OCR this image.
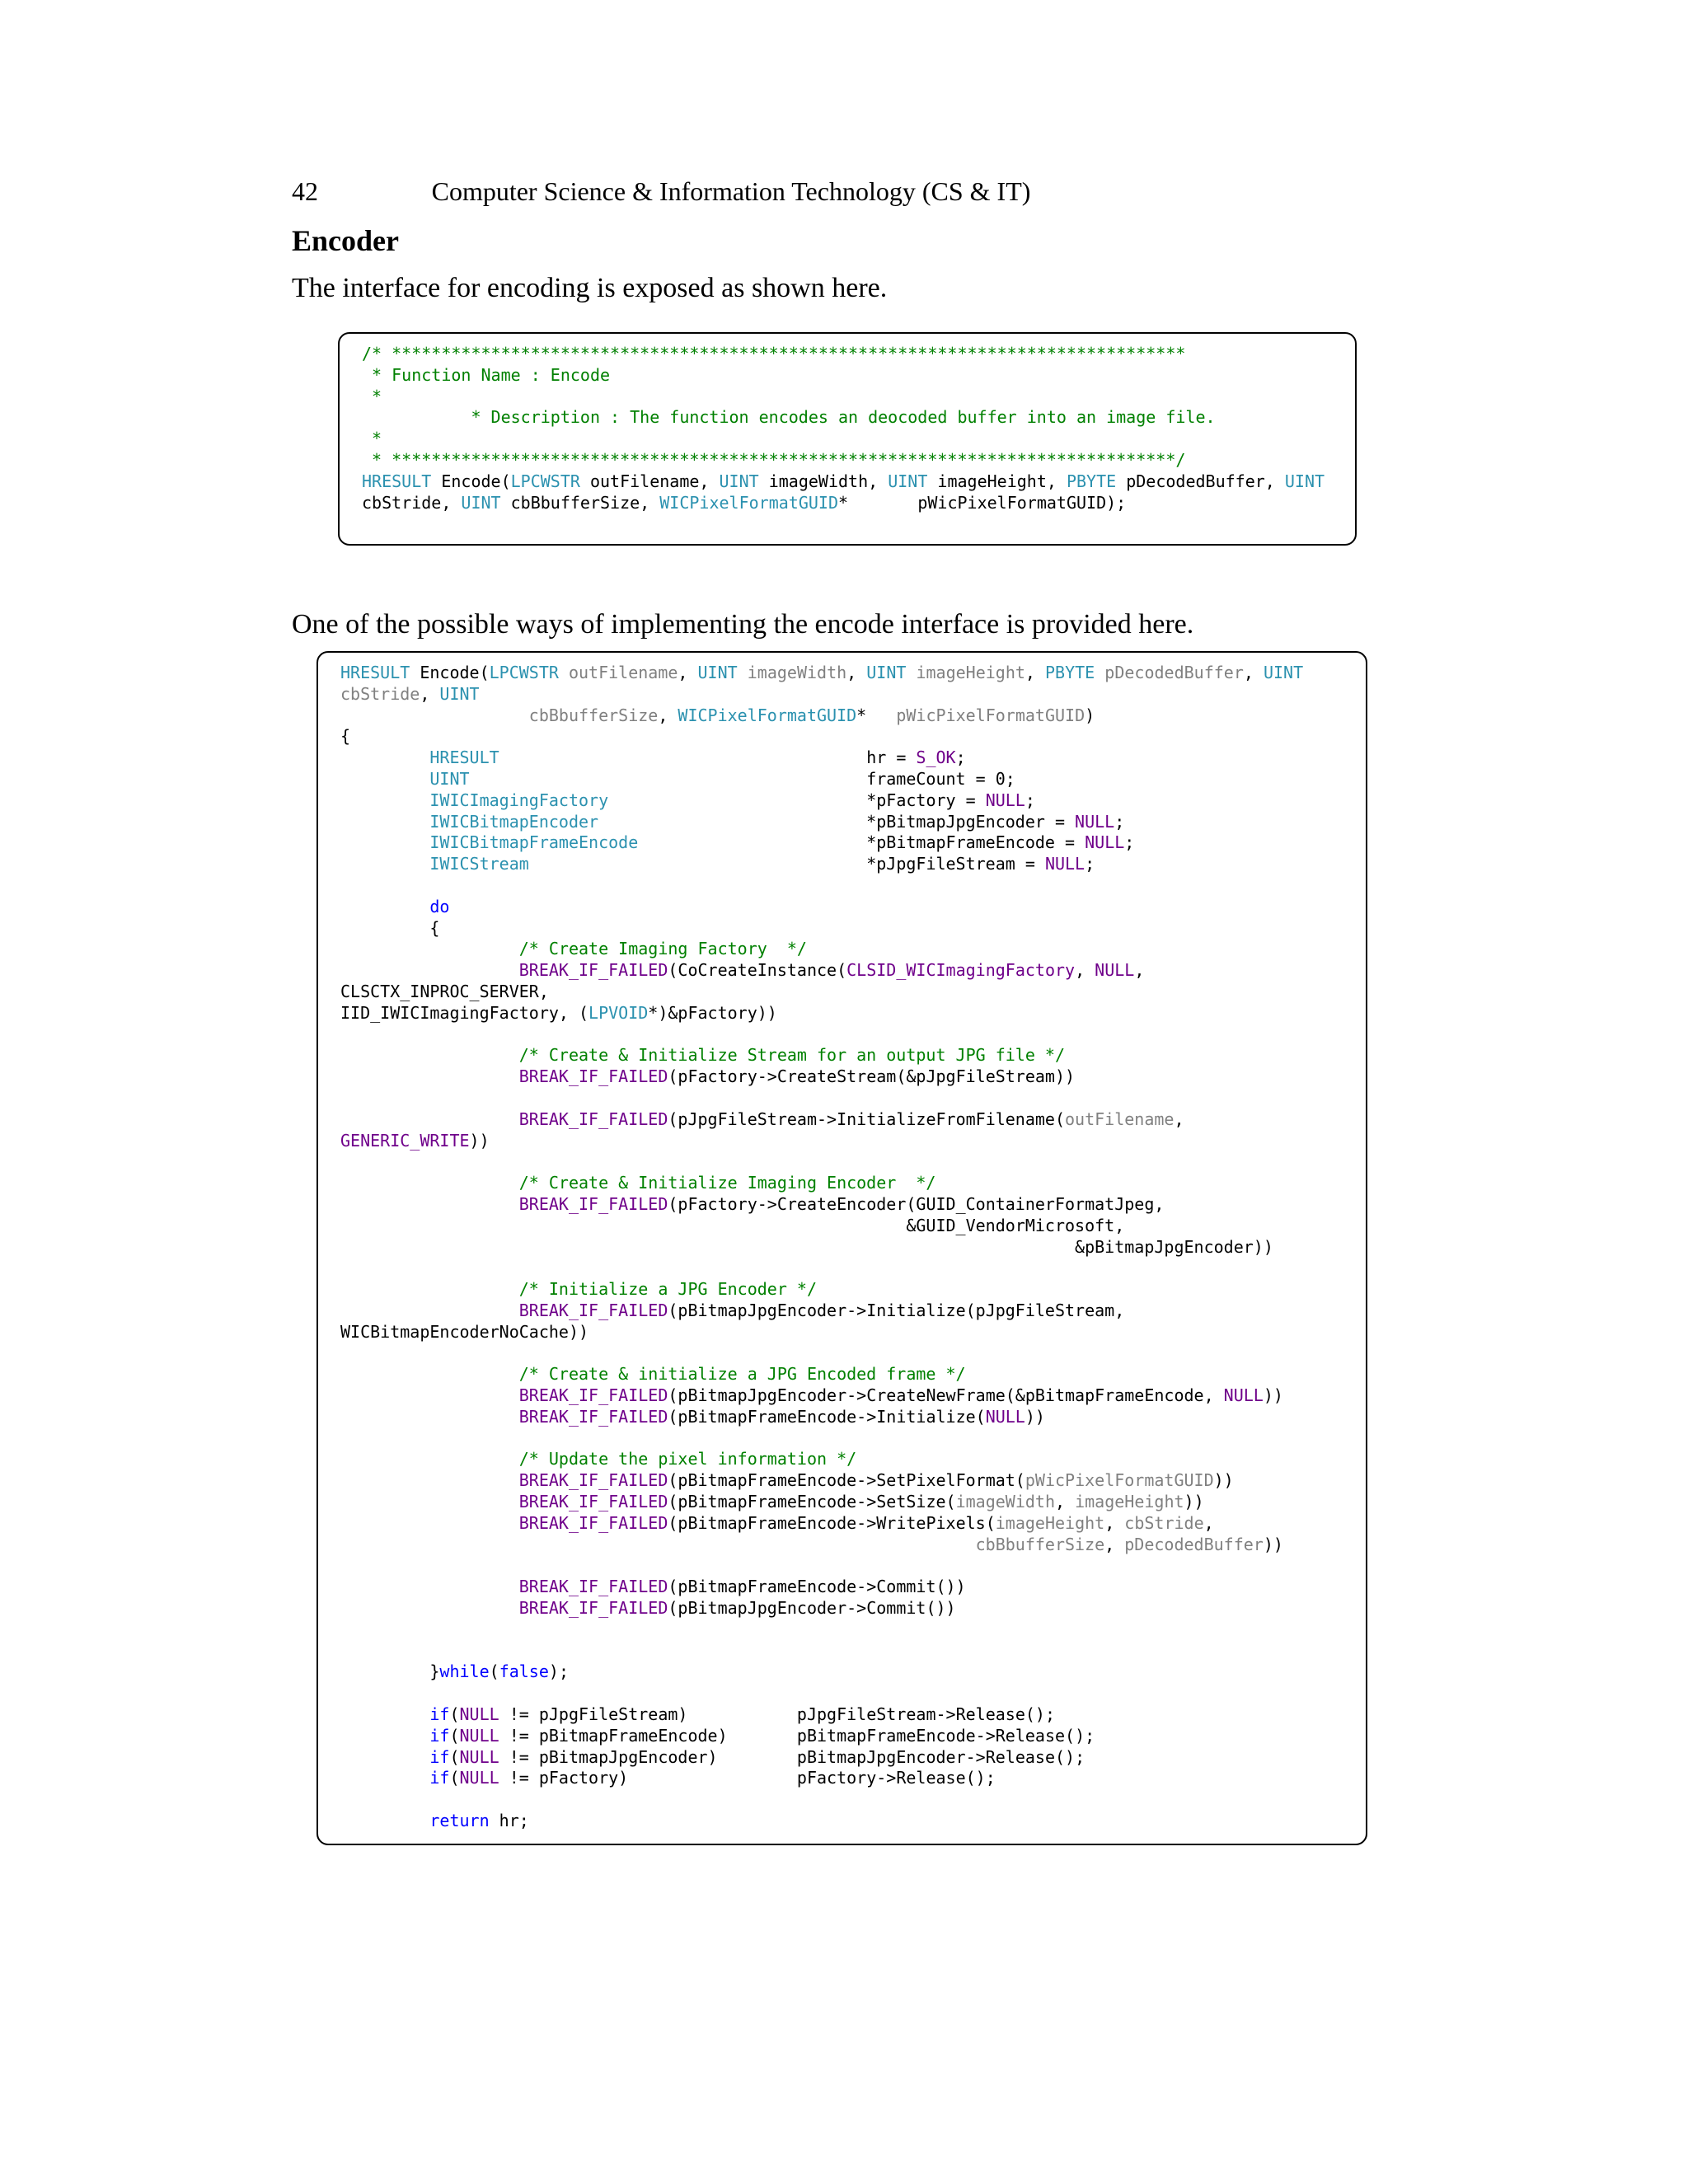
42	Computer Science & Information Technology (CS & IT)
Encoder
The interface for encoding is exposed as shown here.
/* ********************************************************************************
* Function Name : Encode
*
* Description : The function encodes an deocoded buffer into an image file.
*
* *******************************************************************************/
HRESULT Encode(LPCWSTR outFilename, UINT imageWidth, UINT imageHeight, PBYTE pDecodedBuffer, UINT
cbStride, UINT cbBbufferSize, WICPixelFormatGUID*       pWicPixelFormatGUID);
One of the possible ways of implementing the encode interface is provided here.
HRESULT Encode(LPCWSTR outFilename, UINT imageWidth, UINT imageHeight, PBYTE pDecodedBuffer, UINT
cbStride, UINT
cbBbufferSize, WICPixelFormatGUID*   pWicPixelFormatGUID)
{
HRESULT                                     hr = S_OK;
UINT                                        frameCount = 0;
IWICImagingFactory                          *pFactory = NULL;
IWICBitmapEncoder                           *pBitmapJpgEncoder = NULL;
IWICBitmapFrameEncode                       *pBitmapFrameEncode = NULL;
IWICStream                                  *pJpgFileStream = NULL;

do
{
/* Create Imaging Factory  */
BREAK_IF_FAILED(CoCreateInstance(CLSID_WICImagingFactory, NULL,
CLSCTX_INPROC_SERVER,
IID_IWICImagingFactory, (LPVOID*)&pFactory))

/* Create & Initialize Stream for an output JPG file */
BREAK_IF_FAILED(pFactory->CreateStream(&pJpgFileStream))

BREAK_IF_FAILED(pJpgFileStream->InitializeFromFilename(outFilename,
GENERIC_WRITE))

/* Create & Initialize Imaging Encoder  */
BREAK_IF_FAILED(pFactory->CreateEncoder(GUID_ContainerFormatJpeg,
&GUID_VendorMicrosoft,
&pBitmapJpgEncoder))

/* Initialize a JPG Encoder */
BREAK_IF_FAILED(pBitmapJpgEncoder->Initialize(pJpgFileStream,
WICBitmapEncoderNoCache))

/* Create & initialize a JPG Encoded frame */
BREAK_IF_FAILED(pBitmapJpgEncoder->CreateNewFrame(&pBitmapFrameEncode, NULL))
BREAK_IF_FAILED(pBitmapFrameEncode->Initialize(NULL))

/* Update the pixel information */
BREAK_IF_FAILED(pBitmapFrameEncode->SetPixelFormat(pWicPixelFormatGUID))
BREAK_IF_FAILED(pBitmapFrameEncode->SetSize(imageWidth, imageHeight))
BREAK_IF_FAILED(pBitmapFrameEncode->WritePixels(imageHeight, cbStride,
cbBbufferSize, pDecodedBuffer))

BREAK_IF_FAILED(pBitmapFrameEncode->Commit())
BREAK_IF_FAILED(pBitmapJpgEncoder->Commit())

}while(false);

if(NULL != pJpgFileStream)           pJpgFileStream->Release();
if(NULL != pBitmapFrameEncode)       pBitmapFrameEncode->Release();
if(NULL != pBitmapJpgEncoder)        pBitmapJpgEncoder->Release();
if(NULL != pFactory)                 pFactory->Release();

return hr;
